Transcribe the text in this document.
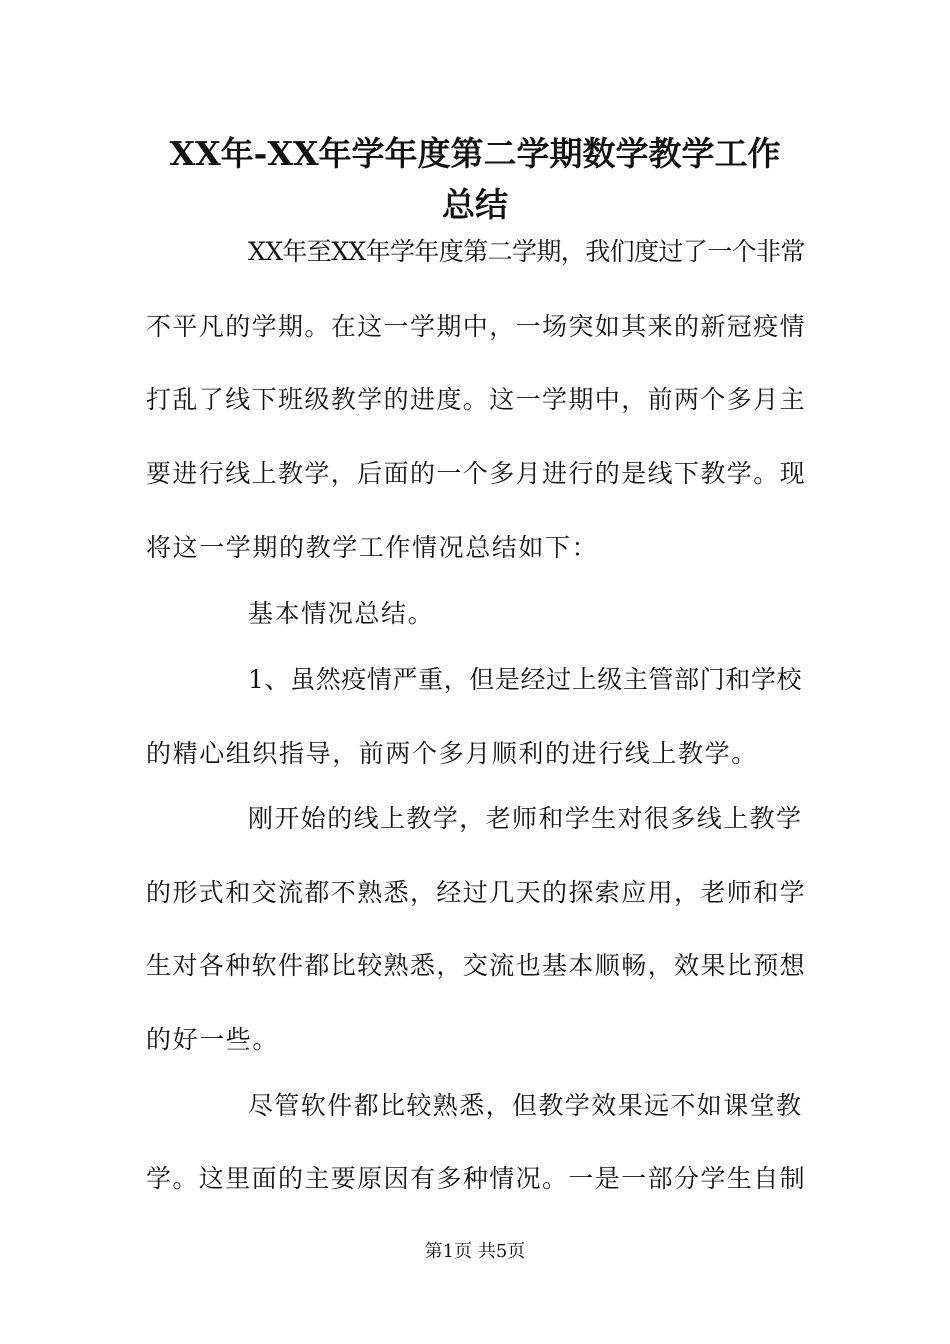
XX年-XX年学年度第二学期数学教学工作
总结
XX年至XX年学年度第二学期，我们度过了一个非常
不平凡的学期。在这一学期中，一场突如其来的新冠疫情
打乱了线下班级教学的进度。这一学期中，前两个多月主
要进行线上教学，后面的一个多月进行的是线下教学。现
将这一学期的教学工作情况总结如下：
基本情况总结。
1、虽然疫情严重，但是经过上级主管部门和学校
的精心组织指导，前两个多月顺利的进行线上教学。
刚开始的线上教学，老师和学生对很多线上教学
的形式和交流都不熟悉，经过几天的探索应用，老师和学
生对各种软件都比较熟悉，交流也基本顺畅，效果比预想
的好一些。
尽管软件都比较熟悉，但教学效果远不如课堂教
学。这里面的主要原因有多种情况。一是一部分学生自制
第1页 共5页
